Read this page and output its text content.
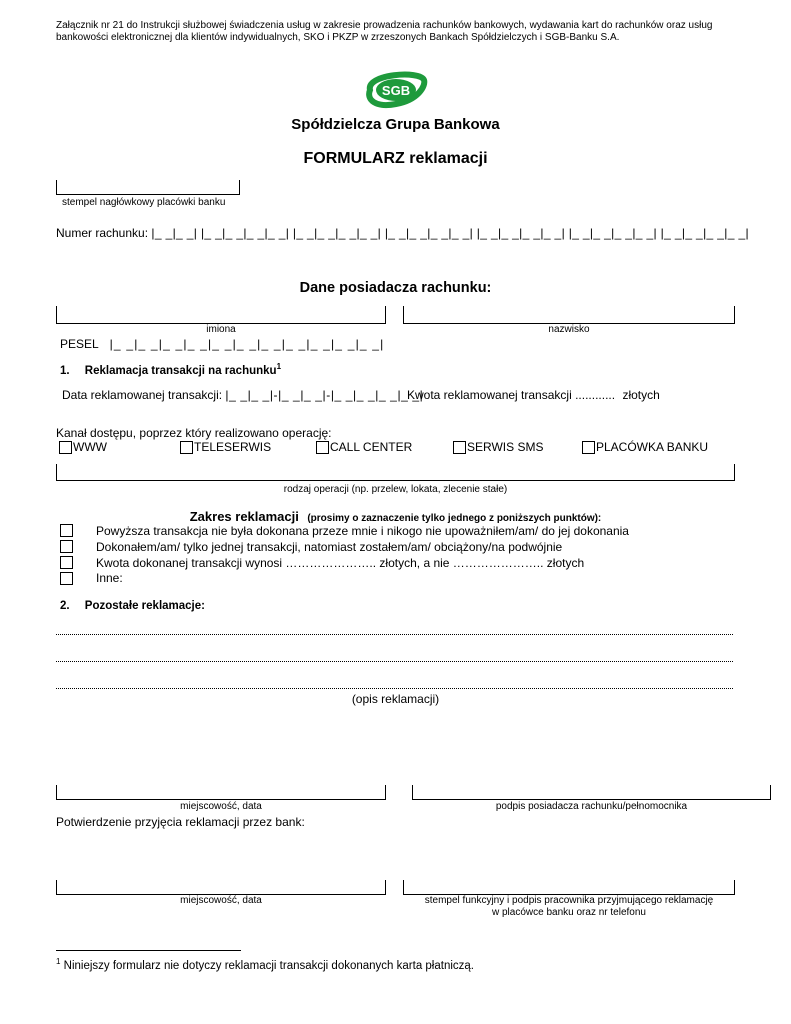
Załącznik nr 21 do Instrukcji służbowej świadczenia usług w zakresie prowadzenia rachunków bankowych, wydawania kart do rachunków oraz usług
bankowości elektronicznej dla klientów indywidualnych, SKO i PKZP w zrzeszonych Bankach Spółdzielczych i SGB-Banku S.A.
SGB
Spółdzielcza Grupa Bankowa
FORMULARZ reklamacji
stempel nagłówkowy placówki banku
Numer rachunku: |_ _|_ _| |_ _|_ _|_ _|_ _| |_ _|_ _|_ _|_ _| |_ _|_ _|_ _|_ _| |_ _|_ _|_ _|_ _| |_ _|_ _|_ _|_ _| |_ _|_ _|_ _|_ _|
Dane posiadacza rachunku:
imiona	nazwisko
PESEL |_ _|_ _|_ _|_ _|_ _|_ _|_ _|_ _|_ _|_ _|_ _|
1. Reklamacja transakcji na rachunku$^1$
Data reklamowanej transakcji: |_ _|_ _|-|_ _|_ _|-|_ _|_ _|_ _|_ _|
Kwota reklamowanej transakcji ............ złotych
Kanał dostępu, poprzez który realizowano operację:
WWW	TELESERWIS	CALL CENTER	SERWIS SMS	PLACÓWKA BANKU
rodzaj operacji (np. przelew, lokata, zlecenie stałe)
Zakres reklamacji (prosimy o zaznaczenie tylko jednego z poniższych punktów):
Powyższa transakcja nie była dokonana przeze mnie i nikogo nie upoważniłem/am/ do jej dokonania
Dokonałem/am/ tylko jednej transakcji, natomiast zostałem/am/ obciążony/na podwójnie
Kwota dokonanej transakcji wynosi ………………….. złotych, a nie ………………….. złotych
Inne:
2. Pozostałe reklamacje:
(opis reklamacji)
miejscowość, data	podpis posiadacza rachunku/pełnomocnika
Potwierdzenie przyjęcia reklamacji przez bank:
miejscowość, data	stempel funkcyjny i podpis pracownika przyjmującego reklamację
w placówce banku oraz nr telefonu
$^1$ Niniejszy formularz nie dotyczy reklamacji transakcji dokonanych karta płatniczą.
